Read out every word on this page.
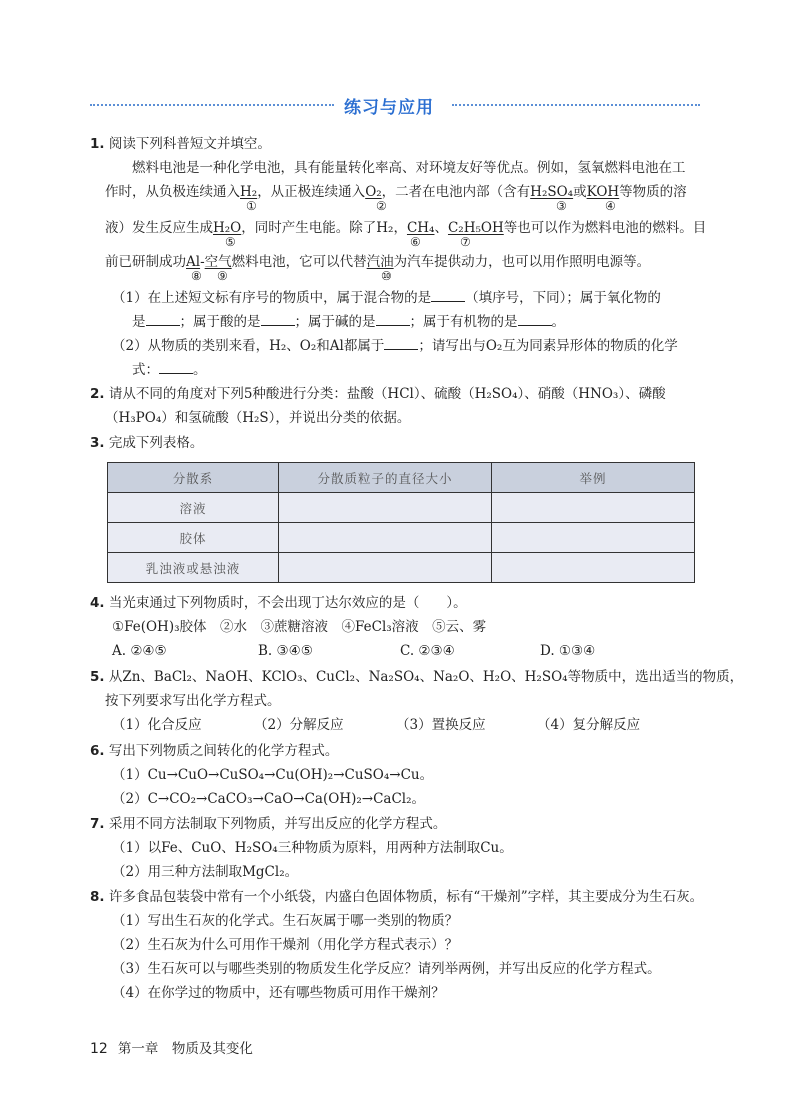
练习与应用
1. 阅读下列科普短文并填空。
燃料电池是一种化学电池，具有能量转化率高、对环境友好等优点。例如，氢氧燃料电池在工
作时，从负极连续通入H₂，从正极连续通入O₂，二者在电池内部（含有H₂SO₄或KOH等物质的溶
①	②	③	④
液）发生反应生成H₂O，同时产生电能。除了H₂，CH₄、C₂H₅OH等也可以作为燃料电池的燃料。目
⑤	⑥	⑦
前已研制成功Al-空气燃料电池，它可以代替汽油为汽车提供动力，也可以用作照明电源等。
⑧ ⑨	⑩
（1）在上述短文标有序号的物质中，属于混合物的是	（填序号，下同）；属于氧化物的
是	；属于酸的是	；属于碱的是	；属于有机物的是	。
（2）从物质的类别来看，H₂、O₂和Al都属于	；请写出与O₂互为同素异形体的物质的化学
式：	。
2. 请从不同的角度对下列5种酸进行分类：盐酸（HCl）、硫酸（H₂SO₄）、硝酸（HNO₃）、磷酸
（H₃PO₄）和氢硫酸（H₂S），并说出分类的依据。
3. 完成下列表格。
分散系	分散质粒子的直径大小	举例
溶液		
胶体		
乳浊液或悬浊液		
4. 当光束通过下列物质时，不会出现丁达尔效应的是（　　）。
①Fe(OH)₃胶体　②水　③蔗糖溶液　④FeCl₃溶液　⑤云、雾
A. ②④⑤	B. ③④⑤	C. ②③④	D. ①③④
5. 从Zn、BaCl₂、NaOH、KClO₃、CuCl₂、Na₂SO₄、Na₂O、H₂O、H₂SO₄等物质中，选出适当的物质，
按下列要求写出化学方程式。
（1）化合反应	（2）分解反应	（3）置换反应	（4）复分解反应
6. 写出下列物质之间转化的化学方程式。
（1）Cu→CuO→CuSO₄→Cu(OH)₂→CuSO₄→Cu。
（2）C→CO₂→CaCO₃→CaO→Ca(OH)₂→CaCl₂。
7. 采用不同方法制取下列物质，并写出反应的化学方程式。
（1）以Fe、CuO、H₂SO₄三种物质为原料，用两种方法制取Cu。
（2）用三种方法制取MgCl₂。
8. 许多食品包装袋中常有一个小纸袋，内盛白色固体物质，标有“干燥剂”字样，其主要成分为生石灰。
（1）写出生石灰的化学式。生石灰属于哪一类别的物质？
（2）生石灰为什么可用作干燥剂（用化学方程式表示）？
（3）生石灰可以与哪些类别的物质发生化学反应？请列举两例，并写出反应的化学方程式。
（4）在你学过的物质中，还有哪些物质可用作干燥剂？
12 第一章　物质及其变化
